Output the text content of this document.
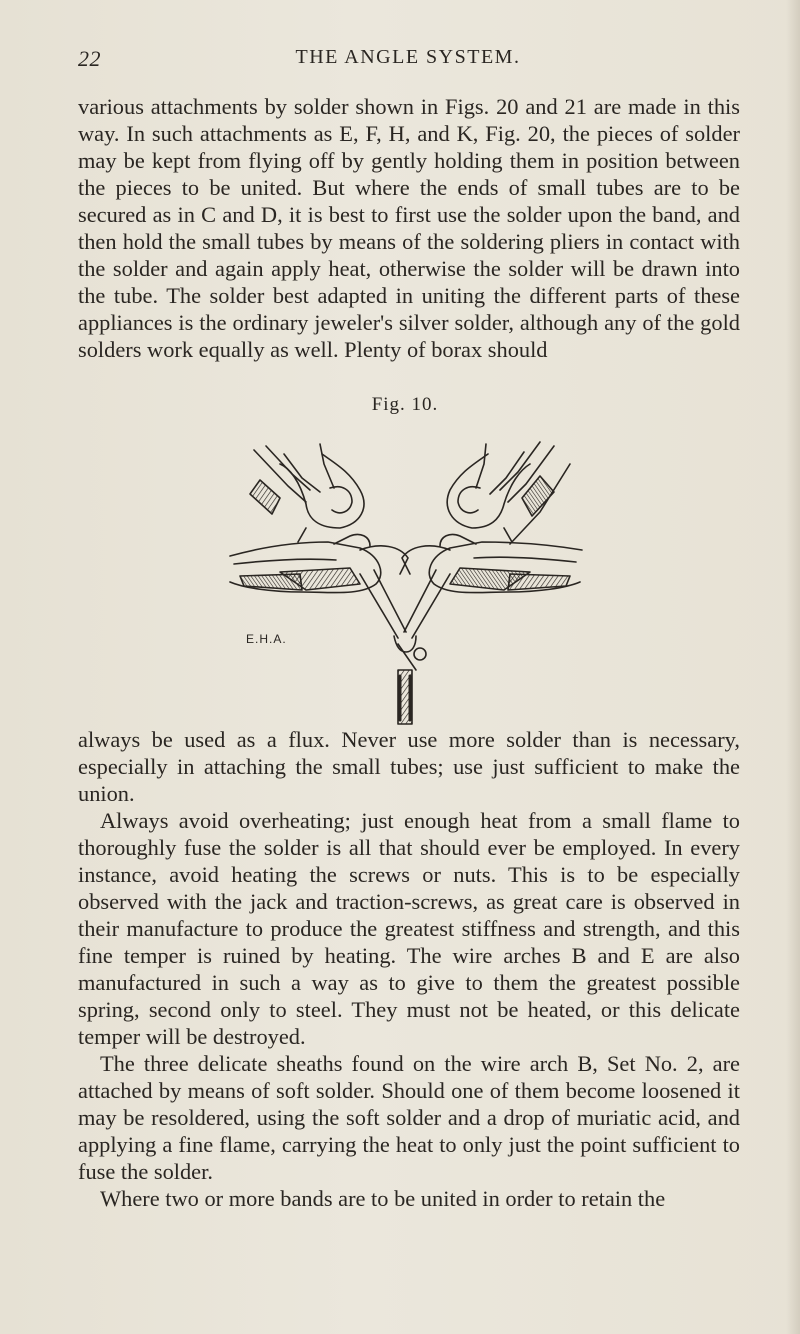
22	THE ANGLE SYSTEM.

various attachments by solder shown in Figs. 20 and 21 are made in this way. In such attachments as E, F, H, and K, Fig. 20, the pieces of solder may be kept from flying off by gently holding them in position between the pieces to be united. But where the ends of small tubes are to be secured as in C and D, it is best to first use the solder upon the band, and then hold the small tubes by means of the soldering pliers in contact with the solder and again apply heat, otherwise the solder will be drawn into the tube. The solder best adapted in uniting the different parts of these appliances is the ordinary jeweler's silver solder, although any of the gold solders work equally as well. Plenty of borax should

Fig. 10.
E.H.A.

always be used as a flux. Never use more solder than is necessary, especially in attaching the small tubes; use just sufficient to make the union.

Always avoid overheating; just enough heat from a small flame to thoroughly fuse the solder is all that should ever be employed. In every instance, avoid heating the screws or nuts. This is to be especially observed with the jack and traction-screws, as great care is observed in their manufacture to produce the greatest stiffness and strength, and this fine temper is ruined by heating. The wire arches B and E are also manufactured in such a way as to give to them the greatest possible spring, second only to steel. They must not be heated, or this delicate temper will be destroyed.

The three delicate sheaths found on the wire arch B, Set No. 2, are attached by means of soft solder. Should one of them become loosened it may be resoldered, using the soft solder and a drop of muriatic acid, and applying a fine flame, carrying the heat to only just the point sufficient to fuse the solder.

Where two or more bands are to be united in order to retain the
